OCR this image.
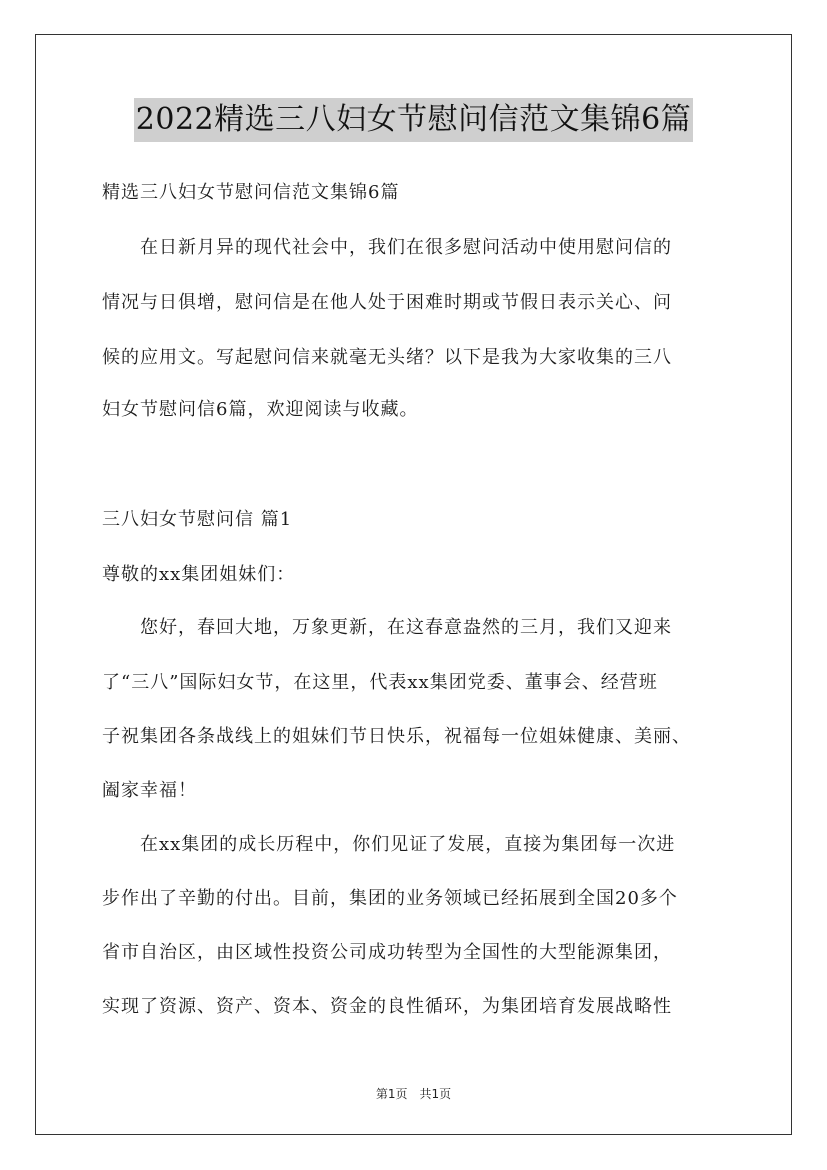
2022精选三八妇女节慰问信范文集锦6篇
精选三八妇女节慰问信范文集锦6篇
　　在日新月异的现代社会中，我们在很多慰问活动中使用慰问信的
情况与日俱增，慰问信是在他人处于困难时期或节假日表示关心、问
候的应用文。写起慰问信来就毫无头绪？以下是我为大家收集的三八
妇女节慰问信6篇，欢迎阅读与收藏。
三八妇女节慰问信 篇1
尊敬的xx集团姐妹们：
　　您好，春回大地，万象更新，在这春意盎然的三月，我们又迎来
了“三八”国际妇女节，在这里，代表xx集团党委、董事会、经营班
子祝集团各条战线上的姐妹们节日快乐，祝福每一位姐妹健康、美丽、
阖家幸福！
　　在xx集团的成长历程中，你们见证了发展，直接为集团每一次进
步作出了辛勤的付出。目前，集团的业务领域已经拓展到全国20多个
省市自治区，由区域性投资公司成功转型为全国性的大型能源集团，
实现了资源、资产、资本、资金的良性循环，为集团培育发展战略性
第1页　共1页
